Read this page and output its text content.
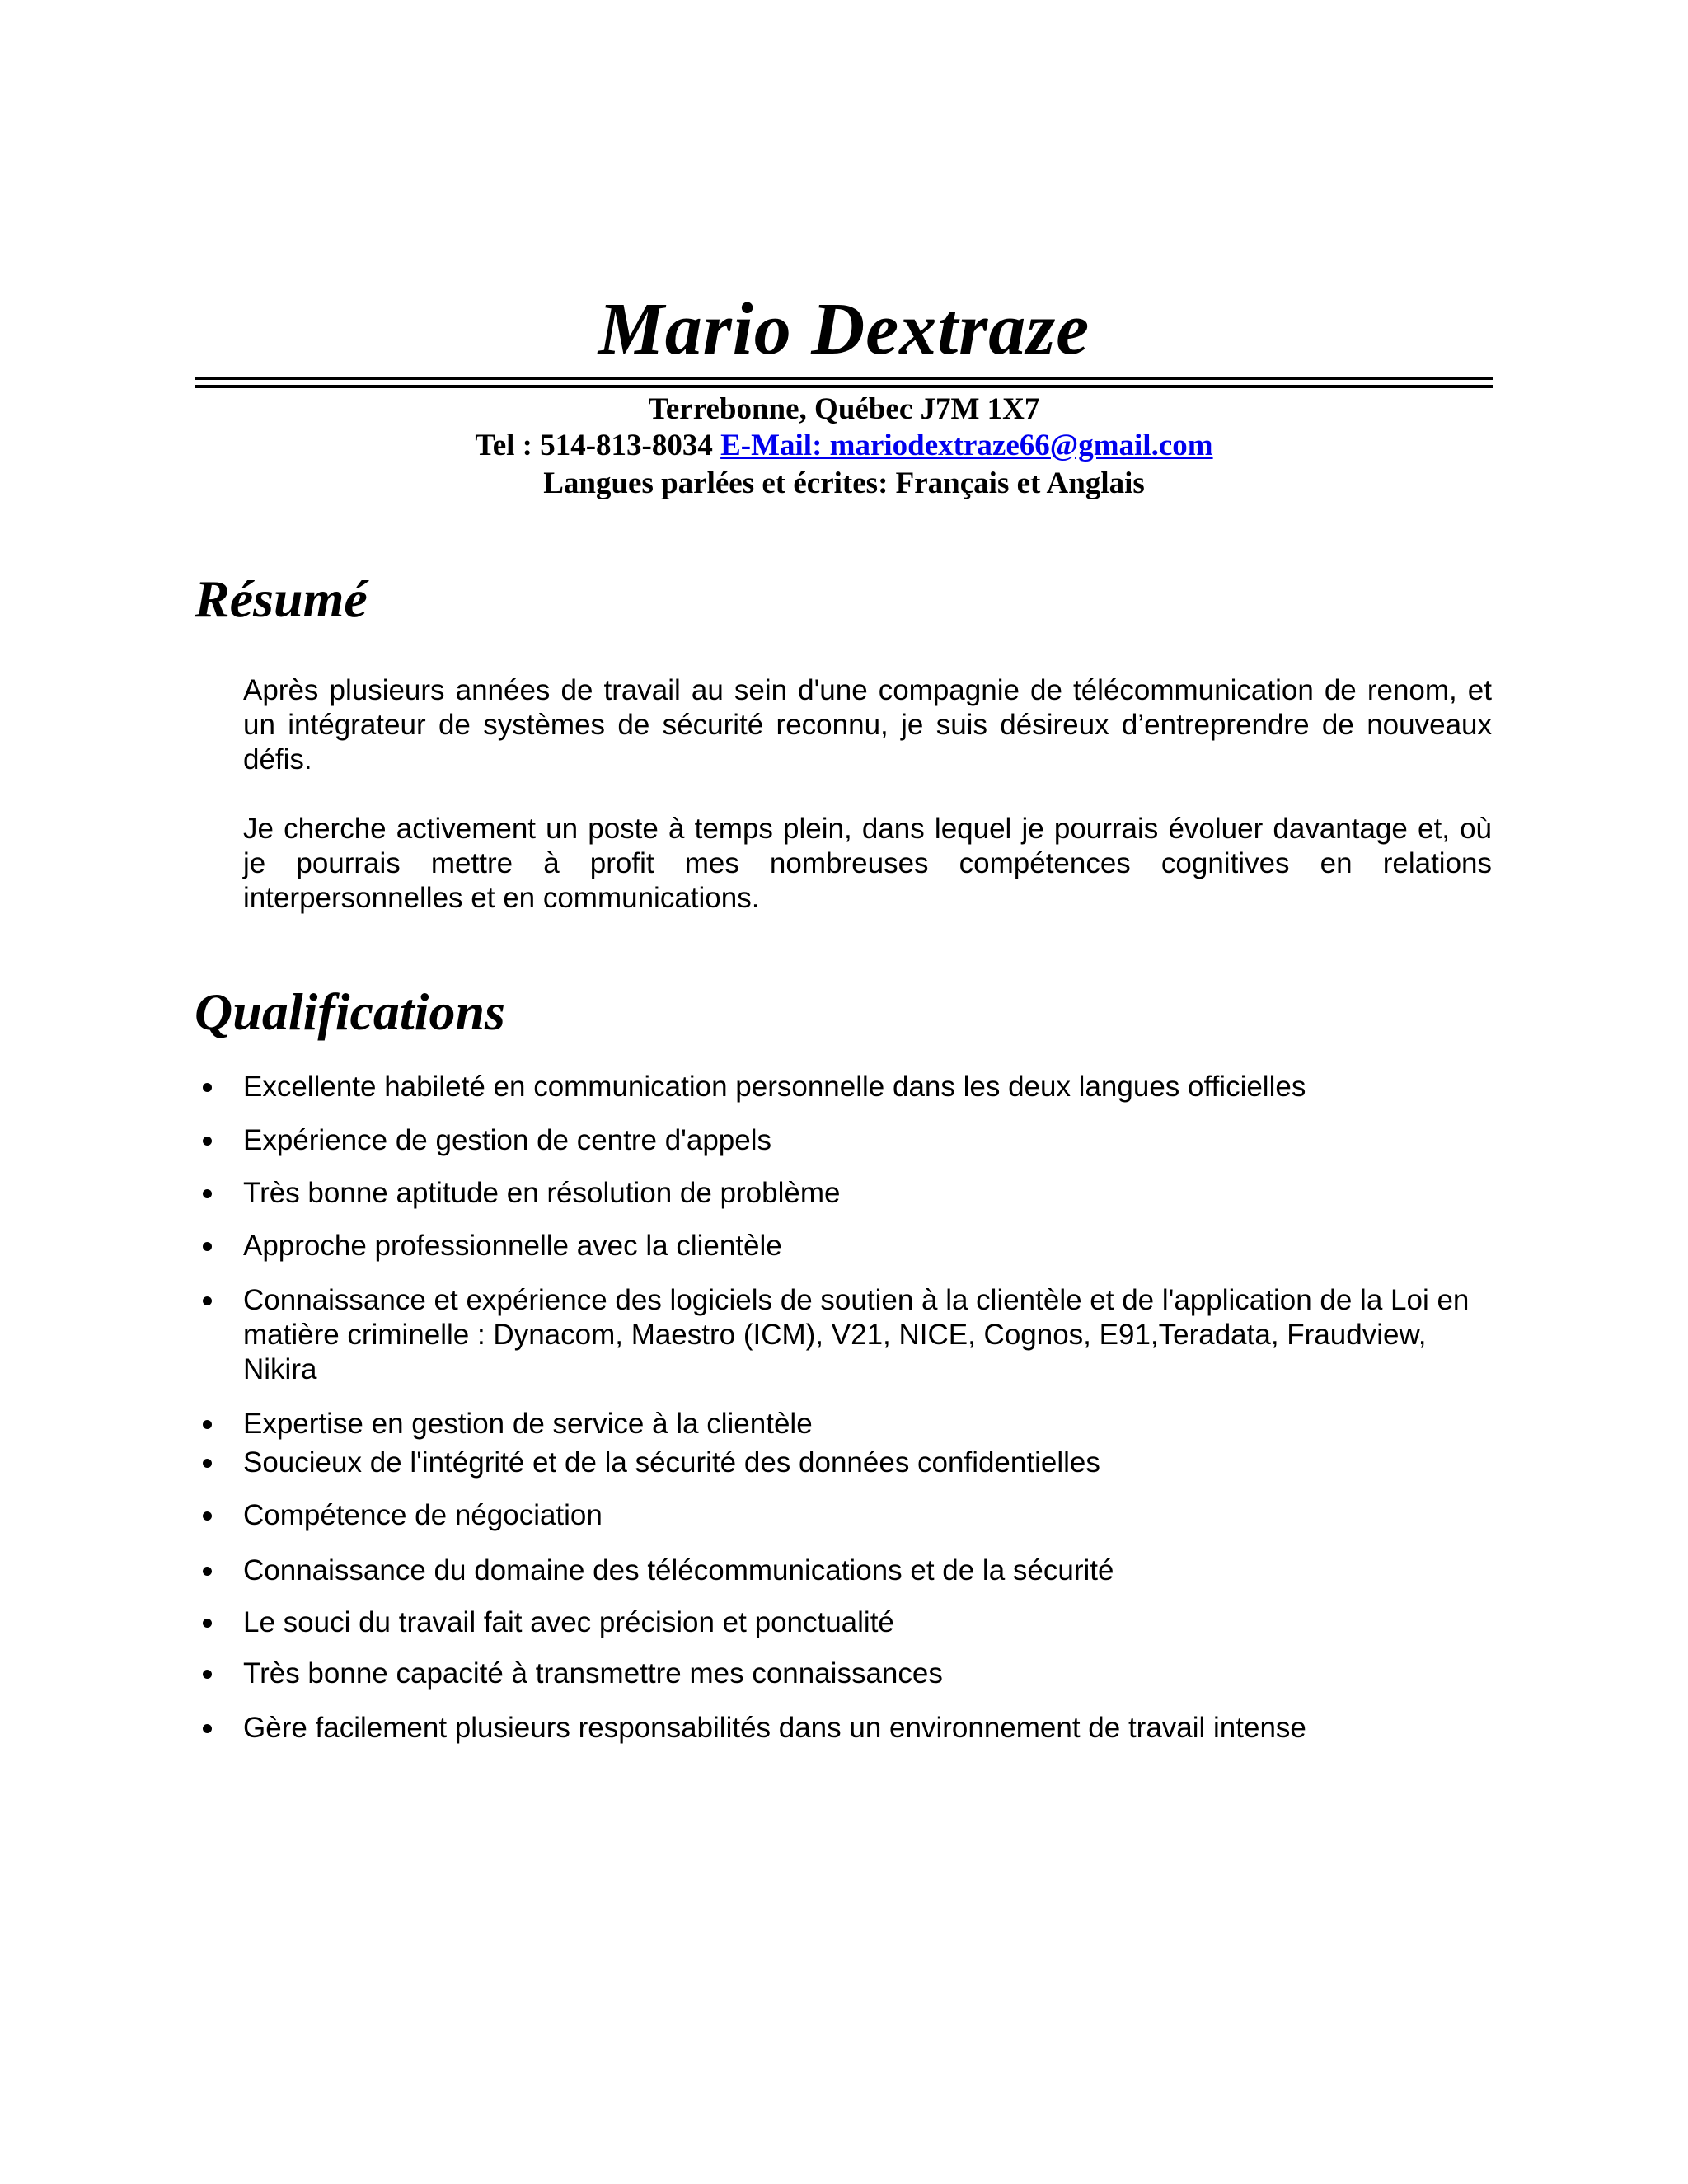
Mario Dextraze
Terrebonne, Québec J7M 1X7
Tel : 514-813-8034 E-Mail: mariodextraze66@gmail.com
Langues parlées et écrites: Français et Anglais
Résumé
Après plusieurs années de travail au sein d'une compagnie de télécommunication de renom, et un intégrateur de systèmes de sécurité reconnu, je suis désireux d’entreprendre de nouveaux défis.
Je cherche activement un poste à temps plein, dans lequel je pourrais évoluer davantage et, où je pourrais mettre à profit mes nombreuses compétences cognitives en relations interpersonnelles et en communications.
Qualifications
Excellente habileté en communication personnelle dans les deux langues officielles
Expérience de gestion de centre d'appels
Très bonne aptitude en résolution de problème
Approche professionnelle avec la clientèle
Connaissance et expérience des logiciels de soutien à la clientèle et de l'application de la Loi en matière criminelle : Dynacom, Maestro (ICM), V21, NICE, Cognos, E91,Teradata, Fraudview, Nikira
Expertise en gestion de service à la clientèle
Soucieux de l'intégrité et de la sécurité des données confidentielles
Compétence de négociation
Connaissance du domaine des télécommunications et de la sécurité
Le souci du travail fait avec précision et ponctualité
Très bonne capacité à transmettre mes connaissances
Gère facilement plusieurs responsabilités dans un environnement de travail intense
